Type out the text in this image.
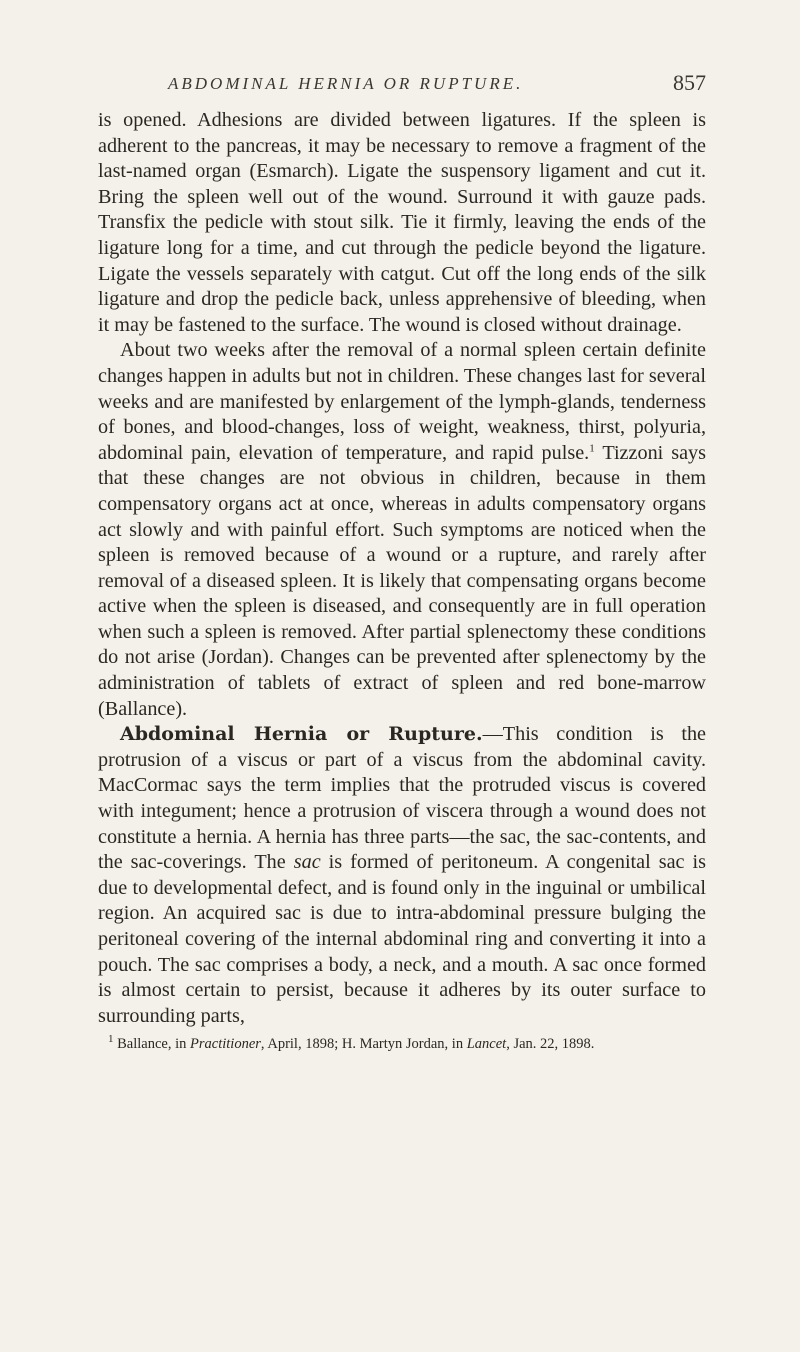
ABDOMINAL HERNIA OR RUPTURE.	857

is opened. Adhesions are divided between ligatures. If the spleen is adherent to the pancreas, it may be necessary to remove a fragment of the last-named organ (Esmarch). Ligate the suspensory ligament and cut it. Bring the spleen well out of the wound. Surround it with gauze pads. Transfix the pedicle with stout silk. Tie it firmly, leaving the ends of the ligature long for a time, and cut through the pedicle beyond the ligature. Ligate the vessels separately with catgut. Cut off the long ends of the silk ligature and drop the pedicle back, unless apprehensive of bleeding, when it may be fastened to the surface. The wound is closed without drainage.

About two weeks after the removal of a normal spleen certain definite changes happen in adults but not in children. These changes last for several weeks and are manifested by enlargement of the lymph-glands, tenderness of bones, and blood-changes, loss of weight, weakness, thirst, polyuria, abdominal pain, elevation of temperature, and rapid pulse.$^1$ Tizzoni says that these changes are not obvious in children, because in them compensatory organs act at once, whereas in adults compensatory organs act slowly and with painful effort. Such symptoms are noticed when the spleen is removed because of a wound or a rupture, and rarely after removal of a diseased spleen. It is likely that compensating organs become active when the spleen is diseased, and consequently are in full operation when such a spleen is removed. After partial splenectomy these conditions do not arise (Jordan). Changes can be prevented after splenectomy by the administration of tablets of extract of spleen and red bone-marrow (Ballance).

Abdominal Hernia or Rupture.—This condition is the protrusion of a viscus or part of a viscus from the abdominal cavity. MacCormac says the term implies that the protruded viscus is covered with integument; hence a protrusion of viscera through a wound does not constitute a hernia. A hernia has three parts—the sac, the sac-contents, and the sac-coverings. The sac is formed of peritoneum. A congenital sac is due to developmental defect, and is found only in the inguinal or umbilical region. An acquired sac is due to intra-abdominal pressure bulging the peritoneal covering of the internal abdominal ring and converting it into a pouch. The sac comprises a body, a neck, and a mouth. A sac once formed is almost certain to persist, because it adheres by its outer surface to surrounding parts,

$^1$ Ballance, in Practitioner, April, 1898; H. Martyn Jordan, in Lancet, Jan. 22, 1898.
